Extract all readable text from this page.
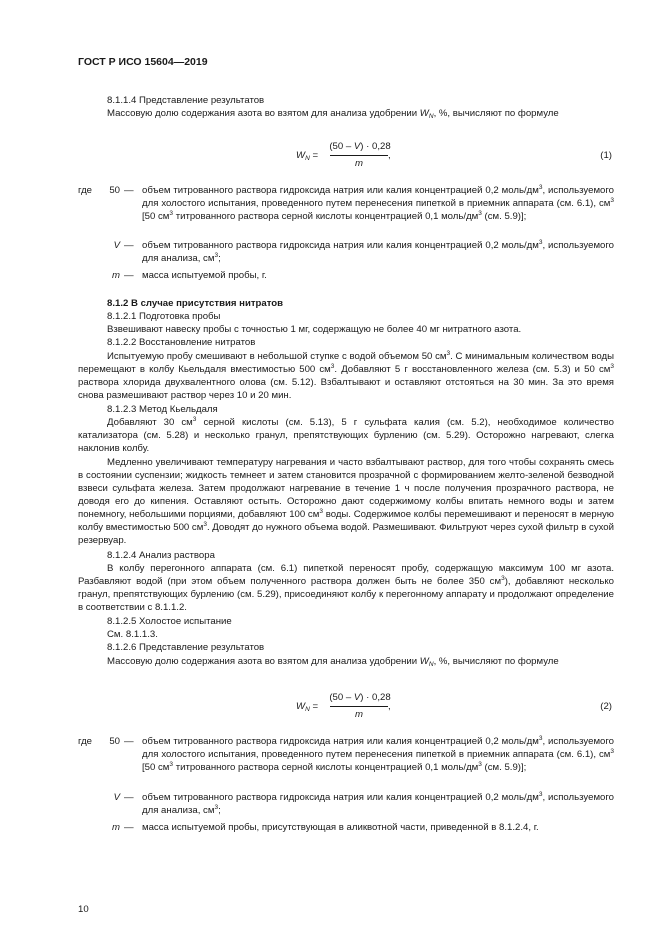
ГОСТ Р ИСО 15604—2019
8.1.1.4 Представление результатов
Массовую долю содержания азота во взятом для анализа удобрении $W_N$, %, вычисляют по формуле
$W_N$ =
(50 – V) · 0,28
m
,	(1)
где	50 — объем титрованного раствора гидроксида натрия или калия концентрацией 0,2 моль/$дм^3$, используемого для холостого испытания, проведенного путем перенесения пипеткой в приемник аппарата (см. 6.1), $см^3$ [50 $см^3$ титрованного раствора серной кислоты концентрацией 0,1 моль/$дм^3$ (см. 5.9)];
V — объем титрованного раствора гидроксида натрия или калия концентрацией 0,2 моль/$дм^3$, используемого для анализа, $см^3$;
m — масса испытуемой пробы, г.
8.1.2 В случае присутствия нитратов
8.1.2.1 Подготовка пробы
Взвешивают навеску пробы с точностью 1 мг, содержащую не более 40 мг нитратного азота.
8.1.2.2 Восстановление нитратов
Испытуемую пробу смешивают в небольшой ступке с водой объемом 50 $см^3$. С минимальным количеством воды перемещают в колбу Кьельдаля вместимостью 500 $см^3$. Добавляют 5 г восстановленного железа (см. 5.3) и 50 $см^3$ раствора хлорида двухвалентного олова (см. 5.12). Взбалтывают и оставляют отстояться на 30 мин. За это время снова размешивают раствор через 10 и 20 мин.
8.1.2.3 Метод Кьельдаля
Добавляют 30 $см^3$ серной кислоты (см. 5.13), 5 г сульфата калия (см. 5.2), необходимое количество катализатора (см. 5.28) и несколько гранул, препятствующих бурлению (см. 5.29). Осторожно нагревают, слегка наклонив колбу.
Медленно увеличивают температуру нагревания и часто взбалтывают раствор, для того чтобы сохранять смесь в состоянии суспензии; жидкость темнеет и затем становится прозрачной с формированием желто-зеленой безводной взвеси сульфата железа. Затем продолжают нагревание в течение 1 ч после получения прозрачного раствора, не доводя его до кипения. Оставляют остыть. Осторожно дают содержимому колбы впитать немного воды и затем понемногу, небольшими порциями, добавляют 100 $см^3$ воды. Содержимое колбы перемешивают и переносят в мерную колбу вместимостью 500 $см^3$. Доводят до нужного объема водой. Размешивают. Фильтруют через сухой фильтр в сухой резервуар.
8.1.2.4 Анализ раствора
В колбу перегонного аппарата (см. 6.1) пипеткой переносят пробу, содержащую максимум 100 мг азота. Разбавляют водой (при этом объем полученного раствора должен быть не более 350 $см^3$), добавляют несколько гранул, препятствующих бурлению (см. 5.29), присоединяют колбу к перегонному аппарату и продолжают определение в соответствии с 8.1.1.2.
8.1.2.5 Холостое испытание
См. 8.1.1.3.
8.1.2.6 Представление результатов
Массовую долю содержания азота во взятом для анализа удобрении $W_N$, %, вычисляют по формуле
$W_N$ =
(50 – V) · 0,28
m
,	(2)
где	50 — объем титрованного раствора гидроксида натрия или калия концентрацией 0,2 моль/$дм^3$, используемого для холостого испытания, проведенного путем перенесения пипеткой в приемник аппарата (см. 6.1), $см^3$ [50 $см^3$ титрованного раствора серной кислоты концентрацией 0,1 моль/$дм^3$ (см. 5.9)];
V — объем титрованного раствора гидроксида натрия или калия концентрацией 0,2 моль/$дм^3$, используемого для анализа, $см^3$;
m — масса испытуемой пробы, присутствующая в аликвотной части, приведенной в 8.1.2.4, г.
10
